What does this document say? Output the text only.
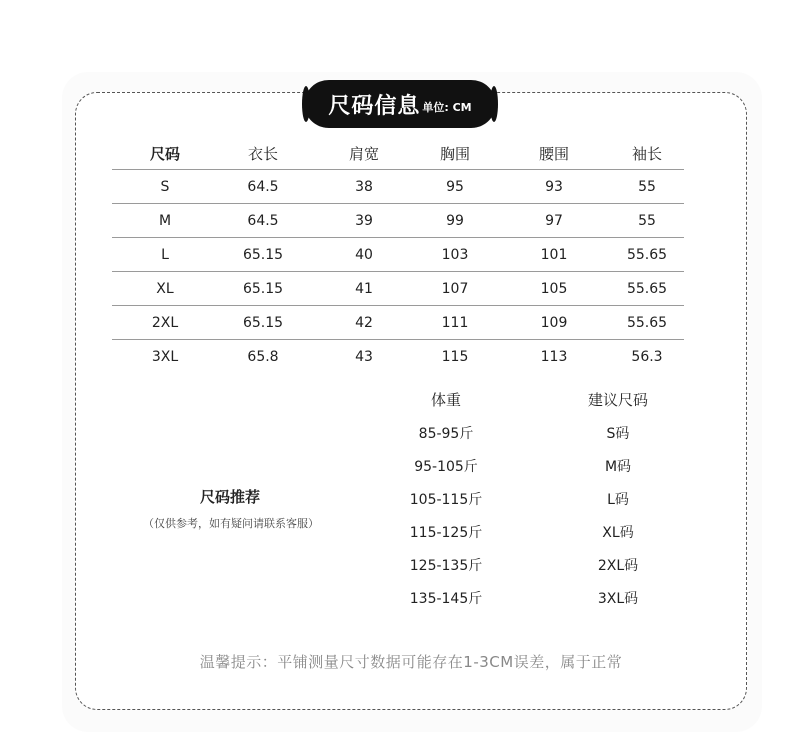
尺码信息 单位: CM
尺码	衣长	肩宽	胸围	腰围	袖长
S	64.5	38	95	93	55
M	64.5	39	99	97	55
L	65.15	40	103	101	55.65
XL	65.15	41	107	105	55.65
2XL	65.15	42	111	109	55.65
3XL	65.8	43	115	113	56.3
尺码推荐
（仅供参考，如有疑问请联系客服）
体重	建议尺码
85-95斤	S码
95-105斤	M码
105-115斤	L码
115-125斤	XL码
125-135斤	2XL码
135-145斤	3XL码
温馨提示：平铺测量尺寸数据可能存在1-3CM误差，属于正常
